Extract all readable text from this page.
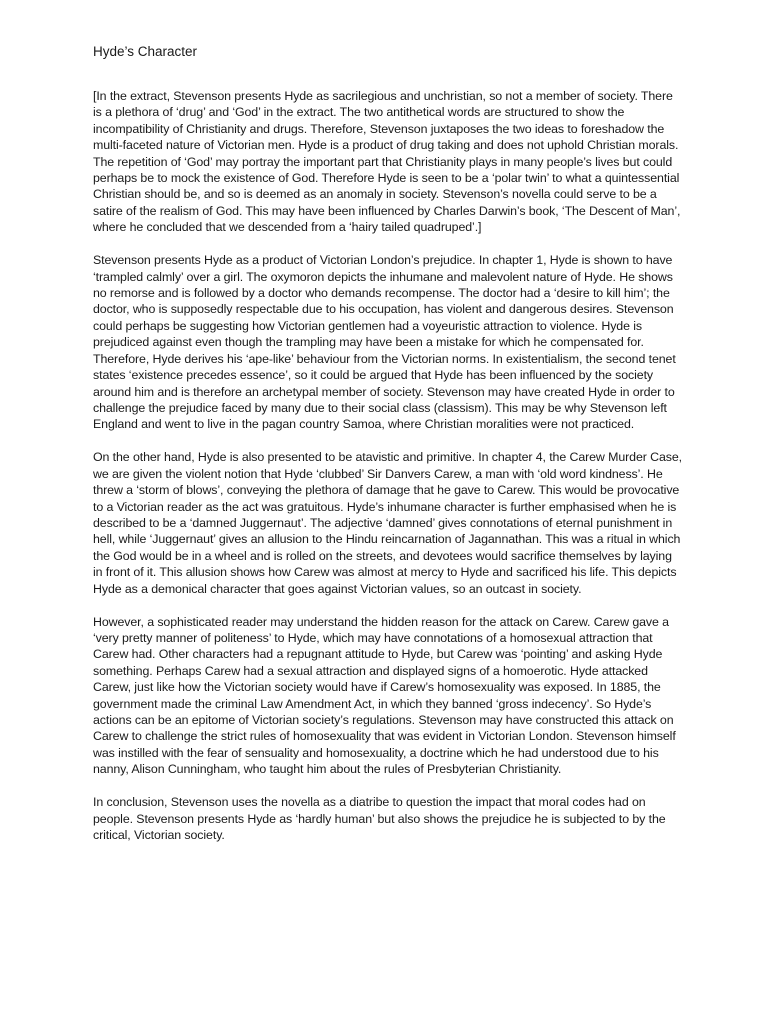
Hyde’s Character

[In the extract, Stevenson presents Hyde as sacrilegious and unchristian, so not a member of society. There is a plethora of ‘drug’ and ‘God’ in the extract. The two antithetical words are structured to show the incompatibility of Christianity and drugs. Therefore, Stevenson juxtaposes the two ideas to foreshadow the multi-faceted nature of Victorian men. Hyde is a product of drug taking and does not uphold Christian morals. The repetition of ‘God’ may portray the important part that Christianity plays in many people’s lives but could perhaps be to mock the existence of God. Therefore Hyde is seen to be a ‘polar twin’ to what a quintessential Christian should be, and so is deemed as an anomaly in society. Stevenson’s novella could serve to be a satire of the realism of God. This may have been influenced by Charles Darwin’s book, ‘The Descent of Man’, where he concluded that we descended from a ‘hairy tailed quadruped’.]

Stevenson presents Hyde as a product of Victorian London’s prejudice. In chapter 1, Hyde is shown to have ‘trampled calmly’ over a girl. The oxymoron depicts the inhumane and malevolent nature of Hyde. He shows no remorse and is followed by a doctor who demands recompense. The doctor had a ‘desire to kill him’; the doctor, who is supposedly respectable due to his occupation, has violent and dangerous desires. Stevenson could perhaps be suggesting how Victorian gentlemen had a voyeuristic attraction to violence. Hyde is prejudiced against even though the trampling may have been a mistake for which he compensated for. Therefore, Hyde derives his ‘ape-like’ behaviour from the Victorian norms. In existentialism, the second tenet states ‘existence precedes essence’, so it could be argued that Hyde has been influenced by the society around him and is therefore an archetypal member of society. Stevenson may have created Hyde in order to challenge the prejudice faced by many due to their social class (classism). This may be why Stevenson left England and went to live in the pagan country Samoa, where Christian moralities were not practiced.

On the other hand, Hyde is also presented to be atavistic and primitive. In chapter 4, the Carew Murder Case, we are given the violent notion that Hyde ‘clubbed’ Sir Danvers Carew, a man with ‘old word kindness’. He threw a ‘storm of blows’, conveying the plethora of damage that he gave to Carew. This would be provocative to a Victorian reader as the act was gratuitous. Hyde’s inhumane character is further emphasised when he is described to be a ‘damned Juggernaut’. The adjective ‘damned’ gives connotations of eternal punishment in hell, while ‘Juggernaut’ gives an allusion to the Hindu reincarnation of Jagannathan. This was a ritual in which the God would be in a wheel and is rolled on the streets, and devotees would sacrifice themselves by laying in front of it. This allusion shows how Carew was almost at mercy to Hyde and sacrificed his life. This depicts Hyde as a demonical character that goes against Victorian values, so an outcast in society.

However, a sophisticated reader may understand the hidden reason for the attack on Carew. Carew gave a ‘very pretty manner of politeness’ to Hyde, which may have connotations of a homosexual attraction that Carew had. Other characters had a repugnant attitude to Hyde, but Carew was ‘pointing’ and asking Hyde something. Perhaps Carew had a sexual attraction and displayed signs of a homoerotic. Hyde attacked Carew, just like how the Victorian society would have if Carew’s homosexuality was exposed. In 1885, the government made the criminal Law Amendment Act, in which they banned ‘gross indecency’. So Hyde’s actions can be an epitome of Victorian society’s regulations. Stevenson may have constructed this attack on Carew to challenge the strict rules of homosexuality that was evident in Victorian London. Stevenson himself was instilled with the fear of sensuality and homosexuality, a doctrine which he had understood due to his nanny, Alison Cunningham, who taught him about the rules of Presbyterian Christianity.

In conclusion, Stevenson uses the novella as a diatribe to question the impact that moral codes had on people. Stevenson presents Hyde as ‘hardly human’ but also shows the prejudice he is subjected to by the critical, Victorian society.
